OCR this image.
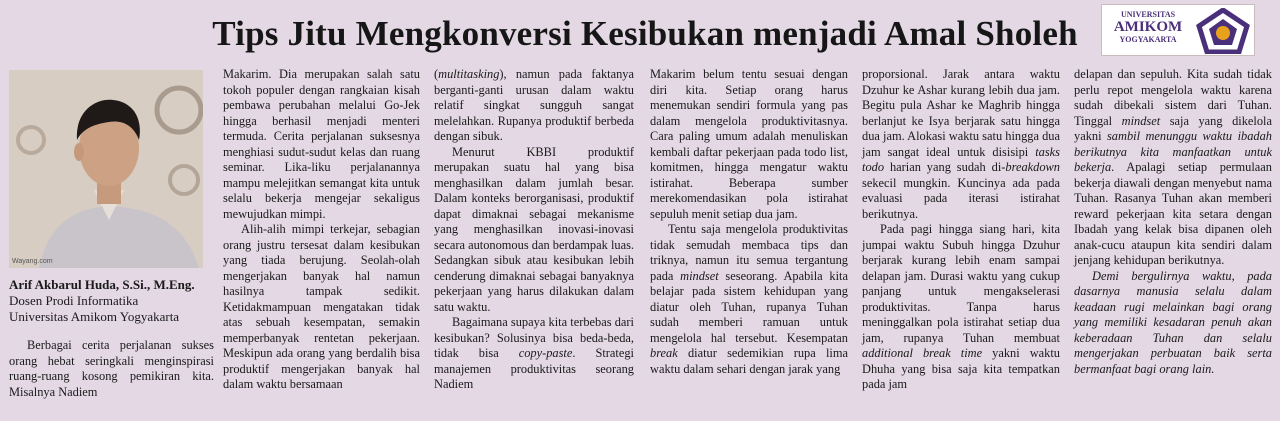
Tips Jitu Mengkonversi Kesibukan menjadi Amal Sholeh	UNIVERSITAS
AMIKOM
YOGYAKARTA
Wayang.com
Arif Akbarul Huda, S.Si., M.Eng.
Dosen Prodi Informatika
Universitas Amikom Yogyakarta

Berbagai cerita perjalanan sukses orang hebat seringkali menginspirasi ruang-ruang kosong pemikiran kita. Misalnya Nadiem

Makarim. Dia merupakan salah satu tokoh populer dengan rangkaian kisah pembawa perubahan melalui Go-Jek hingga berhasil menjadi menteri termuda. Cerita perjalanan suksesnya menghiasi sudut-sudut kelas dan ruang seminar. Lika-liku perjalanannya mampu melejitkan semangat kita untuk selalu bekerja mengejar sekaligus mewujudkan mimpi.

Alih-alih mimpi terkejar, sebagian orang justru tersesat dalam kesibukan yang tiada berujung. Seolah-olah mengerjakan banyak hal namun hasilnya tampak sedikit. Ketidakmampuan mengatakan tidak atas sebuah kesempatan, semakin memperbanyak rentetan pekerjaan. Meskipun ada orang yang berdalih bisa produktif mengerjakan banyak hal dalam waktu bersamaan

(multitasking), namun pada faktanya berganti-ganti urusan dalam waktu relatif singkat sungguh sangat melelahkan. Rupanya produktif berbeda dengan sibuk.

Menurut KBBI produktif merupakan suatu hal yang bisa menghasilkan dalam jumlah besar. Dalam konteks berorganisasi, produktif dapat dimaknai sebagai mekanisme yang menghasilkan inovasi-inovasi secara autonomous dan berdampak luas. Sedangkan sibuk atau kesibukan lebih cenderung dimaknai sebagai banyaknya pekerjaan yang harus dilakukan dalam satu waktu.

Bagaimana supaya kita terbebas dari kesibukan? Solusinya bisa beda-beda, tidak bisa copy-paste. Strategi manajemen produktivitas seorang Nadiem

Makarim belum tentu sesuai dengan diri kita. Setiap orang harus menemukan sendiri formula yang pas dalam mengelola produktivitasnya. Cara paling umum adalah menuliskan kembali daftar pekerjaan pada todo list, komitmen, hingga mengatur waktu istirahat. Beberapa sumber merekomendasikan pola istirahat sepuluh menit setiap dua jam.

Tentu saja mengelola produktivitas tidak semudah membaca tips dan triknya, namun itu semua tergantung pada mindset seseorang. Apabila kita belajar pada sistem kehidupan yang diatur oleh Tuhan, rupanya Tuhan sudah memberi ramuan untuk mengelola hal tersebut. Kesempatan break diatur sedemikian rupa lima waktu dalam sehari dengan jarak yang

proporsional. Jarak antara waktu Dzuhur ke Ashar kurang lebih dua jam. Begitu pula Ashar ke Maghrib hingga berlanjut ke Isya berjarak satu hingga dua jam. Alokasi waktu satu hingga dua jam sangat ideal untuk disisipi tasks todo harian yang sudah di-breakdown sekecil mungkin. Kuncinya ada pada evaluasi pada iterasi istirahat berikutnya.

Pada pagi hingga siang hari, kita jumpai waktu Subuh hingga Dzuhur berjarak kurang lebih enam sampai delapan jam. Durasi waktu yang cukup panjang untuk mengakselerasi produktivitas. Tanpa harus meninggalkan pola istirahat setiap dua jam, rupanya Tuhan membuat additional break time yakni waktu Dhuha yang bisa saja kita tempatkan pada jam

delapan dan sepuluh. Kita sudah tidak perlu repot mengelola waktu karena sudah dibekali sistem dari Tuhan. Tinggal mindset saja yang dikelola yakni sambil menunggu waktu ibadah berikutnya kita manfaatkan untuk bekerja. Apalagi setiap permulaan bekerja diawali dengan menyebut nama Tuhan. Rasanya Tuhan akan memberi reward pekerjaan kita setara dengan Ibadah yang kelak bisa dipanen oleh anak-cucu ataupun kita sendiri dalam jenjang kehidupan berikutnya.

Demi bergulirnya waktu, pada dasarnya manusia selalu dalam keadaan rugi melainkan bagi orang yang memiliki kesadaran penuh akan keberadaan Tuhan dan selalu mengerjakan perbuatan baik serta bermanfaat bagi orang lain.
